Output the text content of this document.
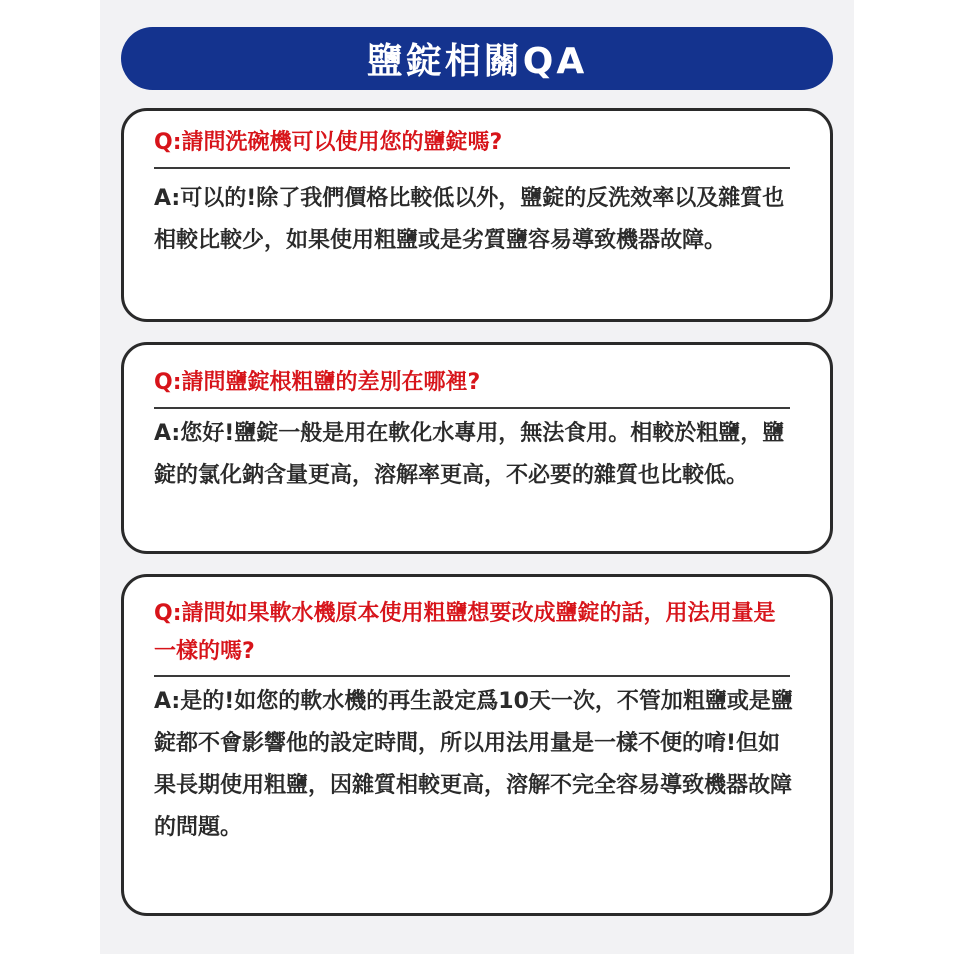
鹽錠相關QA
Q:請問洗碗機可以使用您的鹽錠嗎?
A:可以的!除了我們價格比較低以外，鹽錠的反洗效率以及雜質也相較比較少，如果使用粗鹽或是劣質鹽容易導致機器故障。
Q:請問鹽錠根粗鹽的差別在哪裡?
A:您好!鹽錠一般是用在軟化水專用，無法食用。相較於粗鹽，鹽錠的氯化鈉含量更高，溶解率更高，不必要的雜質也比較低。
Q:請問如果軟水機原本使用粗鹽想要改成鹽錠的話，用法用量是一樣的嗎?
A:是的!如您的軟水機的再生設定爲10天一次，不管加粗鹽或是鹽錠都不會影響他的設定時間，所以用法用量是一樣不便的唷!但如果長期使用粗鹽，因雜質相較更高，溶解不完全容易導致機器故障的問題。
